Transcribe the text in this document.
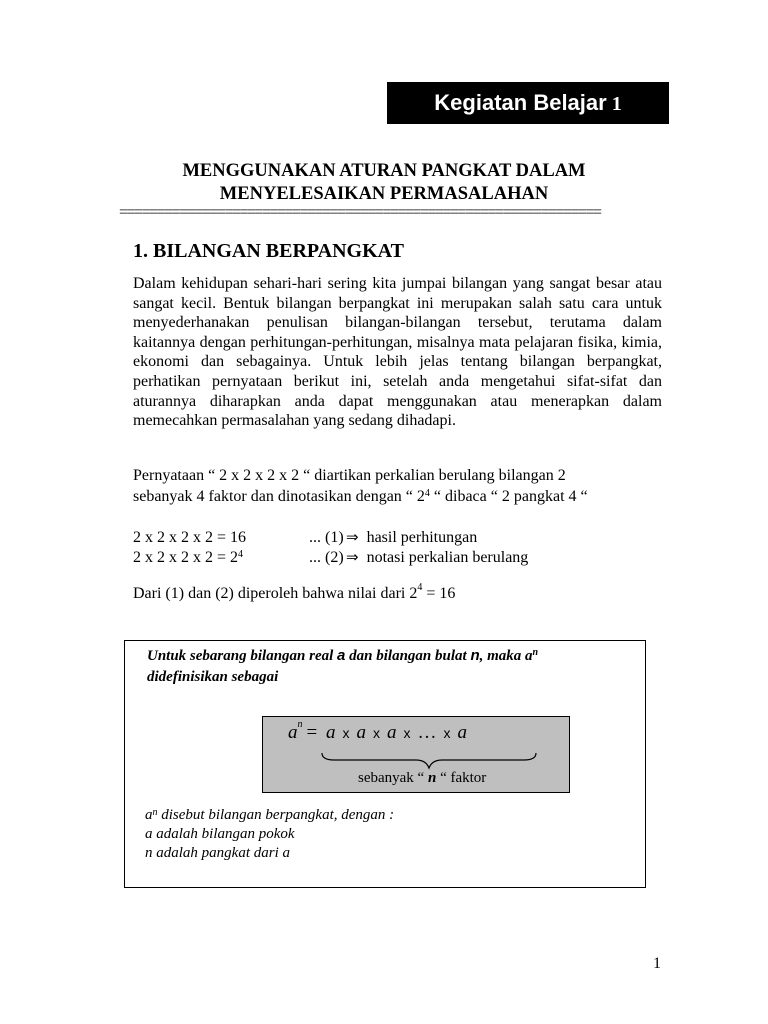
Kegiatan Belajar 1
MENGGUNAKAN ATURAN PANGKAT DALAM
MENYELESAIKAN PERMASALAHAN
================================================================
1. BILANGAN BERPANGKAT
Dalam kehidupan sehari-hari sering kita jumpai bilangan yang sangat besar atau sangat kecil. Bentuk bilangan berpangkat ini merupakan salah satu cara untuk menyederhanakan penulisan bilangan-bilangan tersebut, terutama dalam kaitannya dengan perhitungan-perhitungan, misalnya mata pelajaran fisika, kimia, ekonomi dan sebagainya. Untuk lebih jelas tentang bilangan berpangkat, perhatikan pernyataan berikut ini, setelah anda mengetahui sifat-sifat dan aturannya diharapkan anda dapat menggunakan atau menerapkan dalam memecahkan permasalahan yang sedang dihadapi.
Pernyataan “ 2 x 2 x 2 x 2 “ diartikan perkalian berulang bilangan 2
sebanyak 4 faktor dan dinotasikan dengan “ $2^4$ “ dibaca “ 2 pangkat 4 “
2 x 2 x 2 x 2 = 16	... (1) ⇒ hasil perhitungan
2 x 2 x 2 x $2 = 2^4$	... (2) ⇒ notasi perkalian berulang
Dari (1) dan (2) diperoleh bahwa nilai dari $2^4 = 16$
Untuk sebarang bilangan real a dan bilangan bulat n, maka $a^n$
didefinisikan sebagai
$a^n = a$ x a x a x … x a
sebanyak “ n “ faktor
$a^n$ disebut bilangan berpangkat, dengan :
a adalah bilangan pokok
n adalah pangkat dari a
1
